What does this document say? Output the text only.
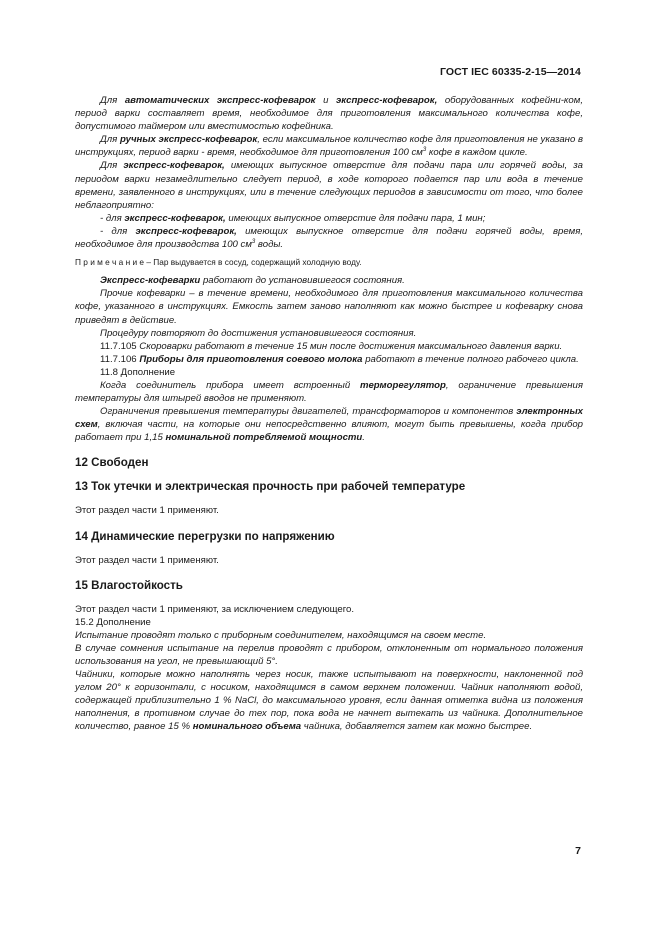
ГОСТ IEC 60335-2-15—2014

Для автоматических экспресс-кофеварок и экспресс-кофеварок, оборудованных кофейни-ком, период варки составляет время, необходимое для приготовления максимального количества кофе, допустимого таймером или вместимостью кофейника.

Для ручных экспресс-кофеварок, если максимальное количество кофе для приготовления не указано в инструкциях, период варки - время, необходимое для приготовления 100 $см^3$ кофе в каждом цикле.

Для экспресс-кофеварок, имеющих выпускное отверстие для подачи пара или горячей воды, за периодом варки незамедлительно следует период, в ходе которого подается пар или вода в течение времени, заявленного в инструкциях, или в течение следующих периодов в зависимости от того, что более неблагоприятно:

- для экспресс-кофеварок, имеющих выпускное отверстие для подачи пара, 1 мин;

- для экспресс-кофеварок, имеющих выпускное отверстие для подачи горячей воды, время, необходимое для производства 100 $см^3$ воды.

П р и м е ч а н и е – Пар выдувается в сосуд, содержащий холодную воду.

Экспресс-кофеварки работают до установившегося состояния.

Прочие кофеварки – в течение времени, необходимого для приготовления максимального количества кофе, указанного в инструкциях. Емкость затем заново наполняют как можно быстрее и кофеварку снова приведят в действие.

Процедуру повторяют до достижения установившегося состояния.

11.7.105 Скороварки работают в течение 15 мин после достижения максимального давления варки.

11.7.106 Приборы для приготовления соевого молока работают в течение полного рабочего цикла.

11.8 Дополнение

Когда соединитель прибора имеет встроенный терморегулятор, ограничение превышения температуры для штырей вводов не применяют.

Ограничения превышения температуры двигателей, трансформаторов и компонентов электронных схем, включая части, на которые они непосредственно влияют, могут быть превышены, когда прибор работает при 1,15 номинальной потребляемой мощности.

12 Свободен
13 Ток утечки и электрическая прочность при рабочей температуре

Этот раздел части 1 применяют.

14 Динамические перегрузки по напряжению

Этот раздел части 1 применяют.

15 Влагостойкость

Этот раздел части 1 применяют, за исключением следующего.

15.2 Дополнение

Испытание проводят только с приборным соединителем, находящимся на своем месте.

В случае сомнения испытание на перелив проводят с прибором, отклоненным от нормального положения использования на угол, не превышающий 5°.

Чайники, которые можно наполнять через носик, также испытывают на поверхности, наклоненной под углом 20° к горизонтали, с носиком, находящимся в самом верхнем положении. Чайник наполняют водой, содержащей приблизительно 1 % NaCl, до максимального уровня, если данная отметка видна из положения наполнения, в противном случае до тех пор, пока вода не начнет вытекать из чайника. Дополнительное количество, равное 15 % номинального объема чайника, добавляется затем как можно быстрее.

7
